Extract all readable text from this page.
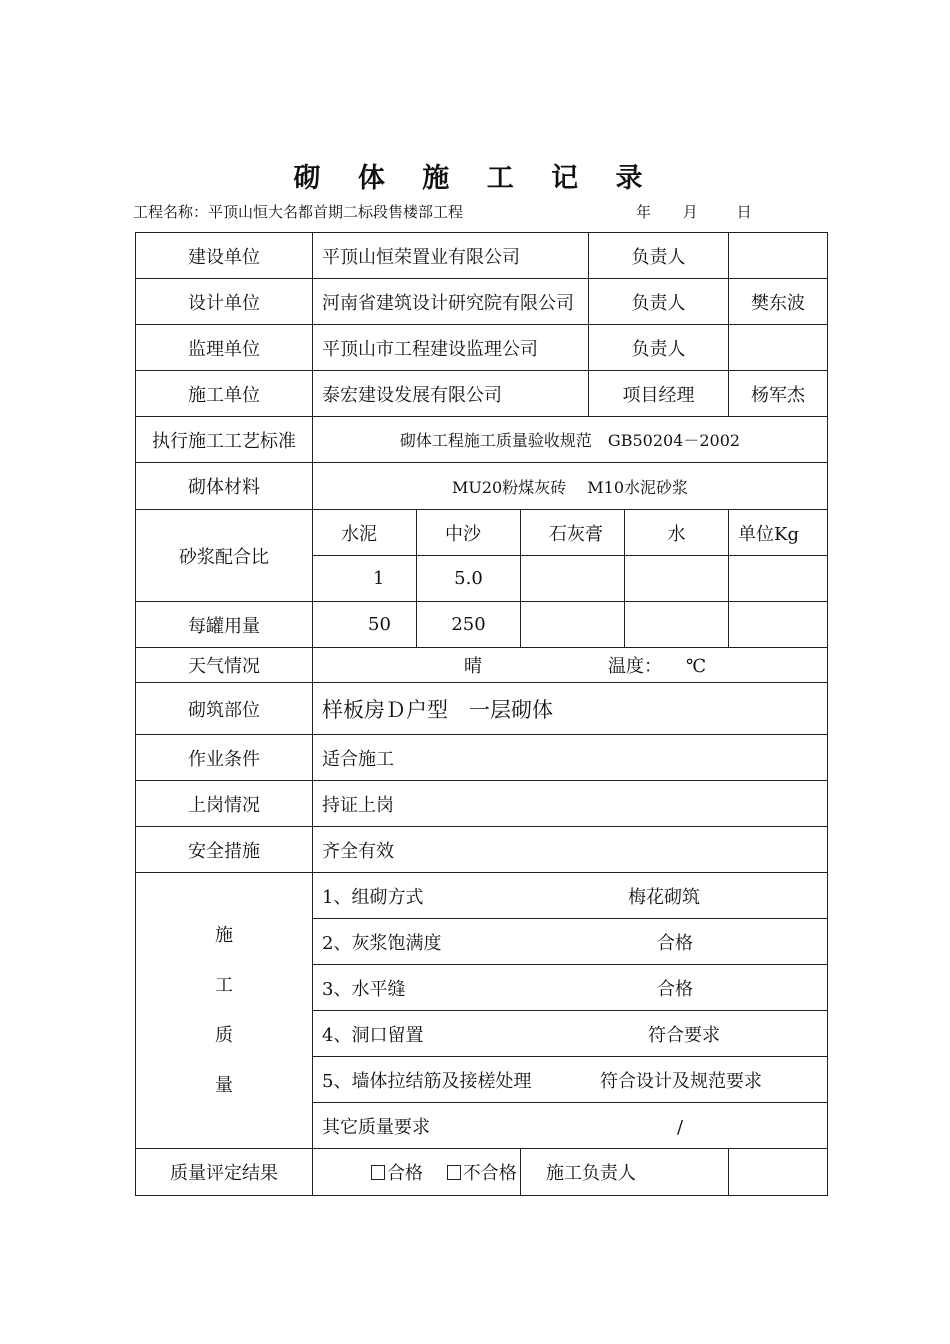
砌 体 施 工 记 录
工程名称：平顶山恒大名都首期二标段售楼部工程	年 月	日
建设单位	平顶山恒荣置业有限公司			负责人		
设计单位	河南省建筑设计研究院有限公司			负责人		樊东波
监理单位	平顶山市工程建设监理公司			负责人		
施工单位	泰宏建设发展有限公司			项目经理		杨军杰
执行施工工艺标准	砌体工程施工质量验收规范　GB50204－2002					
砌体材料	MU20粉煤灰砖　 M10水泥砂浆					
砂浆配合比	水泥	中沙	石灰膏		水	单位Kg
	1	5.0				
每罐用量	50	250				
天气情况	晴 温度： ℃					
砌筑部位	样板房Ｄ户型　一层砌体					
作业条件	适合施工					
上岗情况	持证上岗					
安全措施	齐全有效					

施
工
质
量	1、组砌方式 梅花砌筑					

	2、灰浆饱满度 合格					

	3、水平缝 合格					

	4、洞口留置 符合要求					

	5、墙体拉结筋及接槎处理 符合设计及规范要求					

	其它质量要求 /					

质量评定结果	合格 不合格		施工负责人			
